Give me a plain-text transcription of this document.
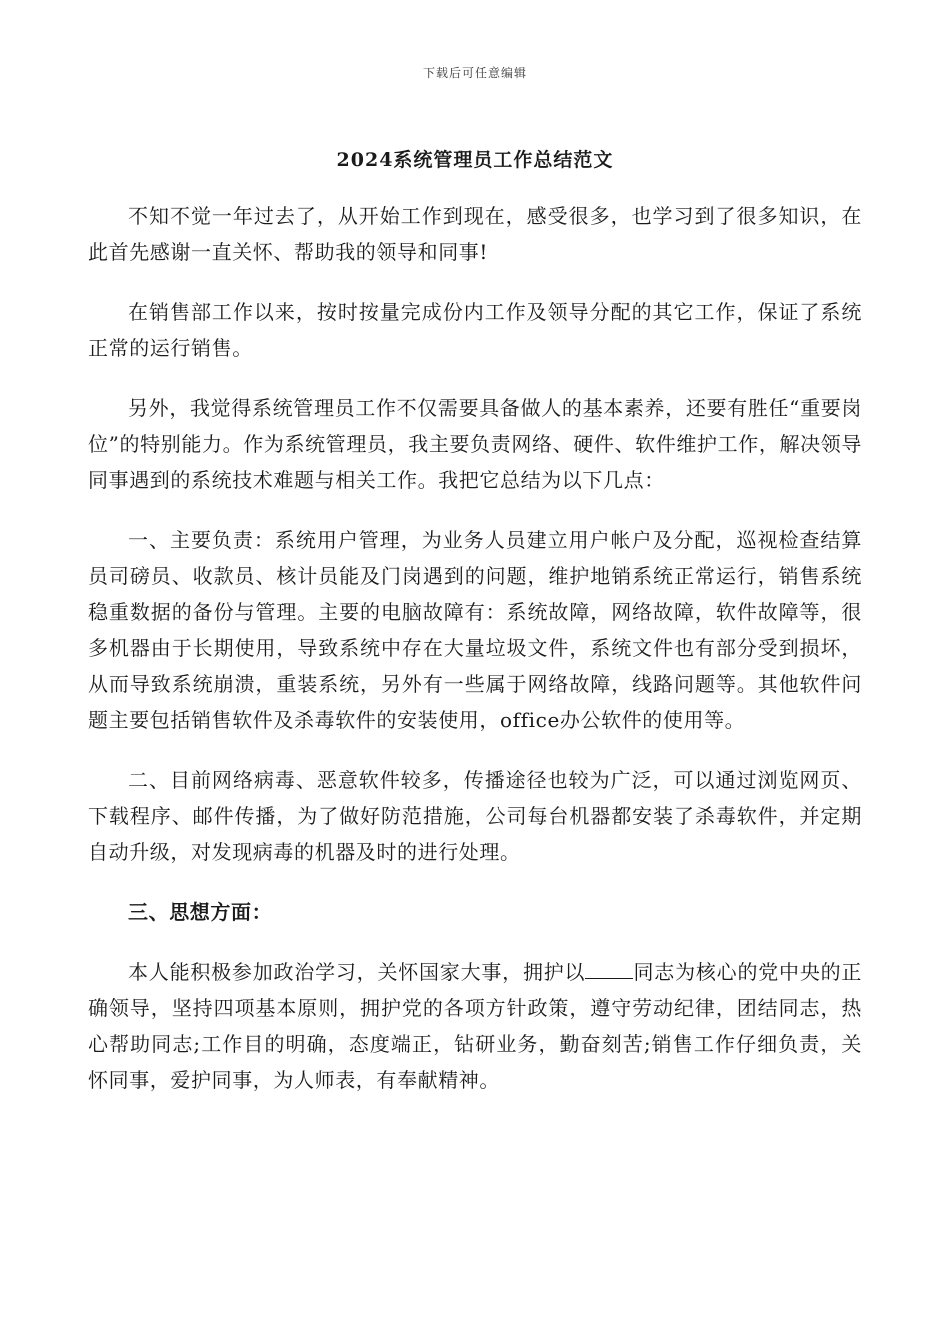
下载后可任意编辑
2024系统管理员工作总结范文

不知不觉一年过去了，从开始工作到现在，感受很多，也学习到了很多知识，在此首先感谢一直关怀、帮助我的领导和同事!

在销售部工作以来，按时按量完成份内工作及领导分配的其它工作，保证了系统正常的运行销售。

另外，我觉得系统管理员工作不仅需要具备做人的基本素养，还要有胜任“重要岗位”的特别能力。作为系统管理员，我主要负责网络、硬件、软件维护工作，解决领导同事遇到的系统技术难题与相关工作。我把它总结为以下几点：

一、主要负责：系统用户管理，为业务人员建立用户帐户及分配，巡视检查结算员司磅员、收款员、核计员能及门岗遇到的问题，维护地销系统正常运行，销售系统稳重数据的备份与管理。主要的电脑故障有：系统故障，网络故障，软件故障等，很多机器由于长期使用，导致系统中存在大量垃圾文件，系统文件也有部分受到损坏，从而导致系统崩溃，重装系统，另外有一些属于网络故障，线路问题等。其他软件问题主要包括销售软件及杀毒软件的安装使用，office办公软件的使用等。

二、目前网络病毒、恶意软件较多，传播途径也较为广泛，可以通过浏览网页、下载程序、邮件传播，为了做好防范措施，公司每台机器都安装了杀毒软件，并定期自动升级，对发现病毒的机器及时的进行处理。

三、思想方面：

本人能积极参加政治学习，关怀国家大事，拥护以 同志为核心的党中央的正确领导，坚持四项基本原则，拥护党的各项方针政策，遵守劳动纪律，团结同志，热心帮助同志;工作目的明确，态度端正，钻研业务，勤奋刻苦;销售工作仔细负责，关怀同事，爱护同事，为人师表，有奉献精神。
